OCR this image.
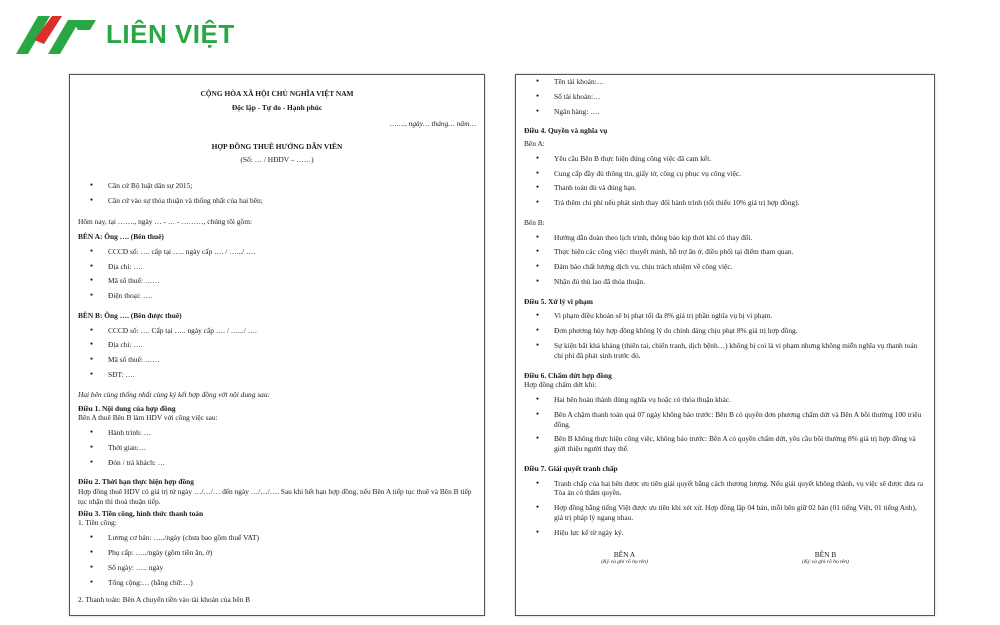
LIÊN VIỆT
CỘNG HÒA XÃ HỘI CHỦ NGHĨA VIỆT NAM
Độc lập - Tự do - Hạnh phúc
……., ngày… tháng… năm…
HỢP ĐỒNG THUÊ HƯỚNG DẪN VIÊN
(Số: … / HĐDV – ……)
● Căn cứ Bộ luật dân sự 2015;
● Căn cứ vào sự thỏa thuận và thống nhất của hai bên;
Hôm nay, tại ……., ngày … - … - ………, chúng tôi gồm:
BÊN A: Ông …. (Bên thuê)
● CCCD số: …. cấp tại ….. ngày cấp …. / ….../ ….
● Địa chỉ: ….
● Mã số thuế: ……
● Điện thoại: ….
BÊN B: Ông …. (Bên được thuê)
● CCCD số: …. Cấp tại ….. ngày cấp …. / ….../ ….
● Địa chỉ: ….
● Mã số thuế: ……
● SĐT: ….
Hai bên cùng thống nhất cùng ký kết hợp đồng với nội dung sau:
Điều 1. Nội dung của hợp đồng
Bên A thuê Bên B làm HDV với công việc sau:
● Hành trình: …
● Thời gian:…
● Đón / trả khách: …
Điều 2. Thời hạn thực hiện hợp đồng
Hợp đồng thuê HDV có giá trị từ ngày …/…/… đến ngày …/…/…. Sau khi hết hạn hợp đồng, nếu Bên A tiếp tục thuê và Bên B tiếp tục nhận thì thoả thuận tiếp.
Điều 3. Tiền công, hình thức thanh toán
1. Tiền công:
● Lương cơ bản: …../ngày (chưa bao gồm thuế VAT)
● Phụ cấp: …../ngày (gồm tiền ăn, ở)
● Số ngày: ….. ngày
● Tổng cộng:… (bằng chữ:…)
2. Thanh toán: Bên A chuyển tiền vào tài khoản của bên B
● Tên tài khoản:…
● Số tài khoản:…
● Ngân hàng: ….
Điều 4. Quyền và nghĩa vụ
Bên A:
● Yêu cầu Bên B thực hiện đúng công việc đã cam kết.
● Cung cấp đầy đủ thông tin, giấy tờ, công cụ phục vụ công việc.
● Thanh toán đủ và đúng hạn.
● Trả thêm chi phí nếu phát sinh thay đổi hành trình (tối thiểu 10% giá trị hợp đồng).
Bên B:
● Hướng dẫn đoàn theo lịch trình, thông báo kịp thời khi có thay đổi.
● Thực hiện các công việc: thuyết minh, hỗ trợ ăn ở, điều phối tại điểm tham quan.
● Đảm bảo chất lượng dịch vụ, chịu trách nhiệm về công việc.
● Nhận đủ thù lao đã thỏa thuận.
Điều 5. Xử lý vi phạm
● Vi phạm điều khoản sẽ bị phạt tối đa 8% giá trị phần nghĩa vụ bị vi phạm.
● Đơn phương hủy hợp đồng không lý do chính đáng chịu phạt 8% giá trị hợp đồng.
● Sự kiện bất khả kháng (thiên tai, chiến tranh, dịch bệnh…) không bị coi là vi phạm nhưng không miễn nghĩa vụ thanh toán chi phí đã phát sinh trước đó.
Điều 6. Chấm dứt hợp đồng
Hợp đồng chấm dứt khi:
● Hai bên hoàn thành đúng nghĩa vụ hoặc có thỏa thuận khác.
● Bên A chậm thanh toán quá 07 ngày không báo trước: Bên B có quyền đơn phương chấm dứt và Bên A bồi thường 100 triệu đồng.
● Bên B không thực hiện công việc, không báo trước: Bên A có quyền chấm dứt, yêu cầu bồi thường 8% giá trị hợp đồng và giới thiệu người thay thế.
Điều 7. Giải quyết tranh chấp
● Tranh chấp của hai bên được ưu tiên giải quyết bằng cách thương lượng. Nếu giải quyết không thành, vụ việc sẽ được đưa ra Tòa án có thẩm quyền.
● Hợp đồng bằng tiếng Việt được ưu tiên khi xét xử. Hợp đồng lập 04 bản, mỗi bên giữ 02 bản (01 tiếng Việt, 01 tiếng Anh), giá trị pháp lý ngang nhau.
● Hiệu lực kể từ ngày ký.
BÊN A
(Ký và ghi rõ họ tên)
BÊN B
(Ký và ghi rõ họ tên)
